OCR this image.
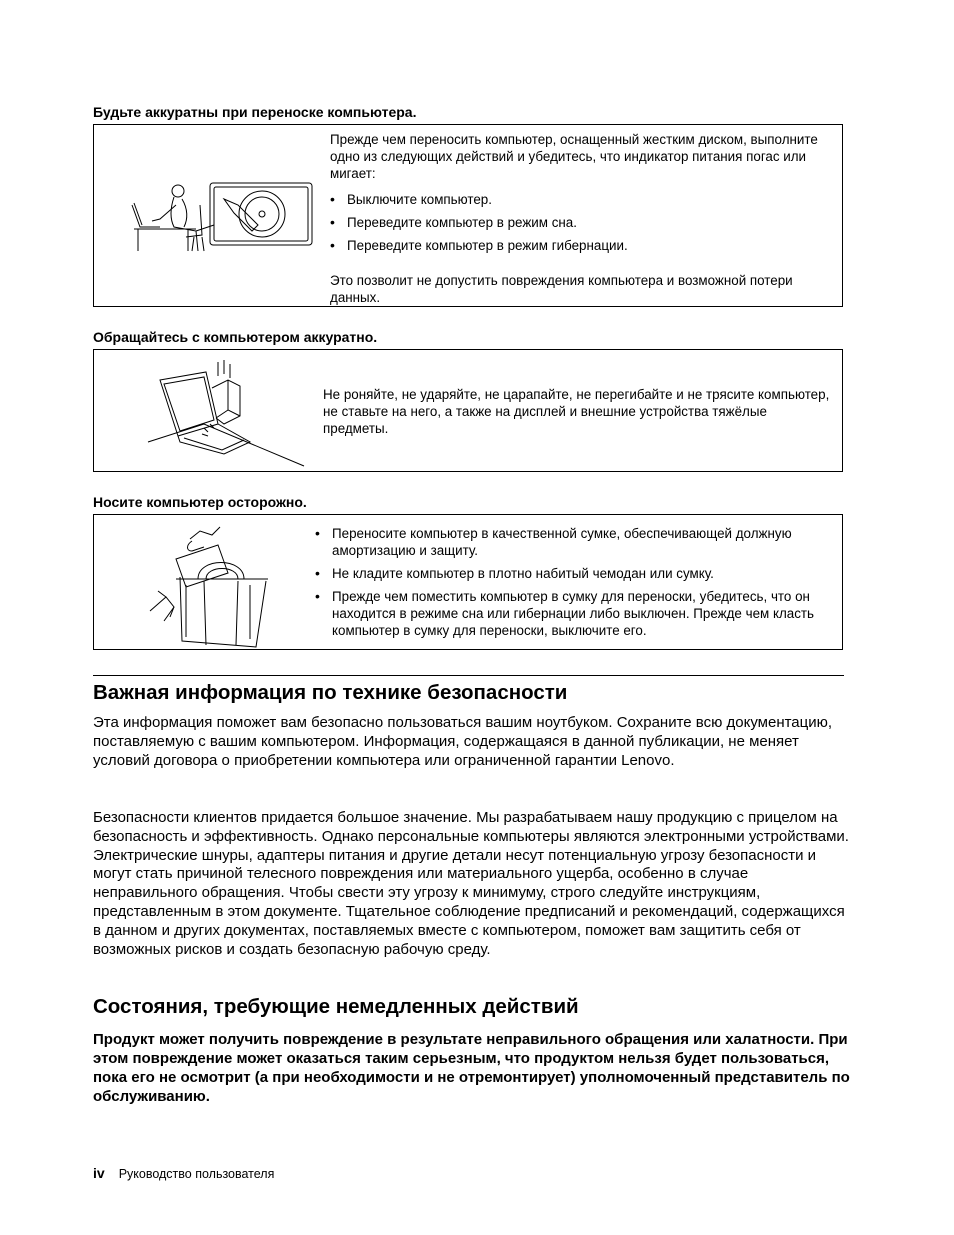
Будьте аккуратны при переноске компьютера.

Прежде чем переносить компьютер, оснащенный жестким диском, выполните одно из следующих действий и убедитесь, что индикатор питания погас или мигает:

• Выключите компьютер.
• Переведите компьютер в режим сна.
• Переведите компьютер в режим гибернации.

Это позволит не допустить повреждения компьютера и возможной потери данных.

Обращайтесь с компьютером аккуратно.

Не роняйте, не ударяйте, не царапайте, не перегибайте и не трясите компьютер, не ставьте на него, а также на дисплей и внешние устройства тяжёлые предметы.

Носите компьютер осторожно.
• Переносите компьютер в качественной сумке, обеспечивающей должную амортизацию и защиту.
• Не кладите компьютер в плотно набитый чемодан или сумку.
• Прежде чем поместить компьютер в сумку для переноски, убедитесь, что он находится в режиме сна или гибернации либо выключен. Прежде чем класть компьютер в сумку для переноски, выключите его.
Важная информация по технике безопасности

Эта информация поможет вам безопасно пользоваться вашим ноутбуком. Сохраните всю документацию, поставляемую с вашим компьютером. Информация, содержащаяся в данной публикации, не меняет условий договора о приобретении компьютера или ограниченной гарантии Lenovo.

Безопасности клиентов придается большое значение. Мы разрабатываем нашу продукцию с прицелом на безопасность и эффективность. Однако персональные компьютеры являются электронными устройствами. Электрические шнуры, адаптеры питания и другие детали несут потенциальную угрозу безопасности и могут стать причиной телесного повреждения или материального ущерба, особенно в случае неправильного обращения. Чтобы свести эту угрозу к минимуму, строго следуйте инструкциям, представленным в этом документе. Тщательное соблюдение предписаний и рекомендаций, содержащихся в данном и других документах, поставляемых вместе с компьютером, поможет вам защитить себя от возможных рисков и создать безопасную рабочую среду.

Состояния, требующие немедленных действий

Продукт может получить повреждение в результате неправильного обращения или халатности. При этом повреждение может оказаться таким серьезным, что продуктом нельзя будет пользоваться, пока его не осмотрит (а при необходимости и не отремонтирует) уполномоченный представитель по обслуживанию.

iv Руководство пользователя
